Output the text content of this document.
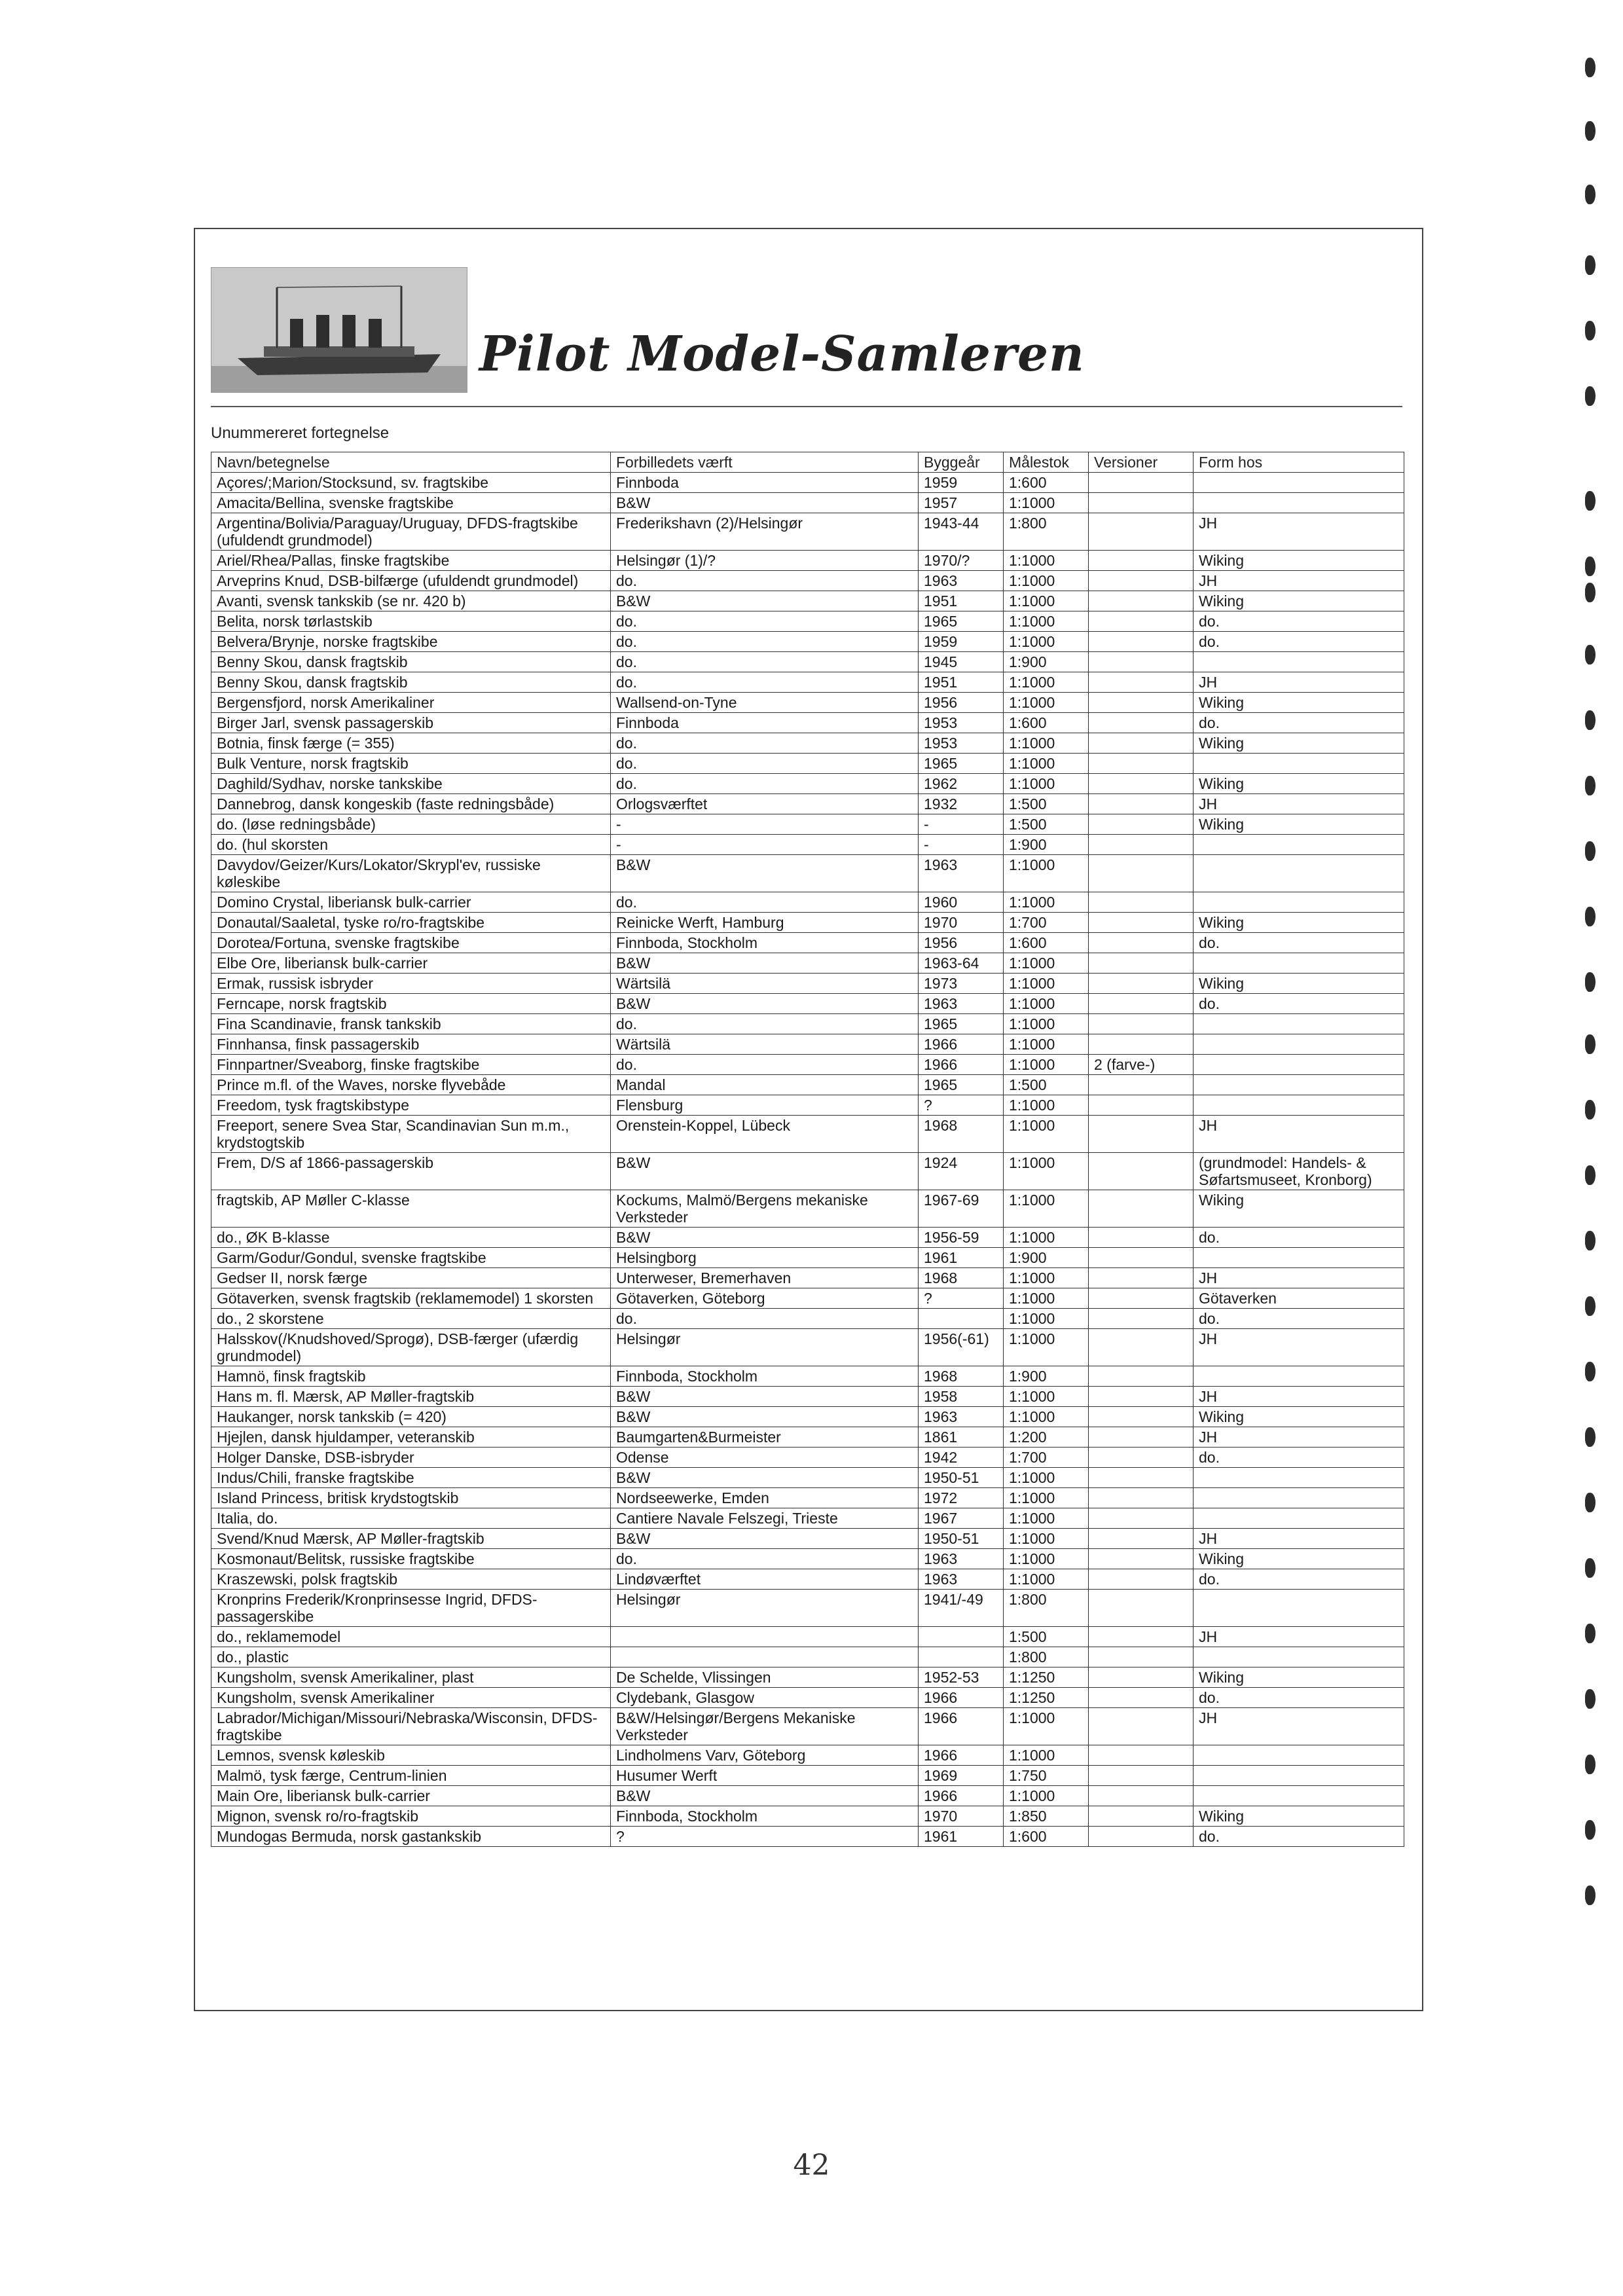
Pilot Model-Samleren
Unummereret fortegnelse
Navn/betegnelse	Forbilledets værft	Byggeår	Målestok	Versioner	Form hos
Açores/;Marion/Stocksund, sv. fragtskibe	Finnboda	1959	1:600		
Amacita/Bellina, svenske fragtskibe	B&W	1957	1:1000		
Argentina/Bolivia/Paraguay/Uruguay, DFDS-fragtskibe (ufuldendt grundmodel)	Frederikshavn (2)/Helsingør	1943-44	1:800		JH
Ariel/Rhea/Pallas, finske fragtskibe	Helsingør (1)/?	1970/?	1:1000		Wiking
Arveprins Knud, DSB-bilfærge (ufuldendt grundmodel)	do.	1963	1:1000		JH
Avanti, svensk tankskib (se nr. 420 b)	B&W	1951	1:1000		Wiking
Belita, norsk tørlastskib	do.	1965	1:1000		do.
Belvera/Brynje, norske fragtskibe	do.	1959	1:1000		do.
Benny Skou, dansk fragtskib	do.	1945	1:900		
Benny Skou, dansk fragtskib	do.	1951	1:1000		JH
Bergensfjord, norsk Amerikaliner	Wallsend-on-Tyne	1956	1:1000		Wiking
Birger Jarl, svensk passagerskib	Finnboda	1953	1:600		do.
Botnia, finsk færge (= 355)	do.	1953	1:1000		Wiking
Bulk Venture, norsk fragtskib	do.	1965	1:1000		
Daghild/Sydhav, norske tankskibe	do.	1962	1:1000		Wiking
Dannebrog, dansk kongeskib (faste redningsbåde)	Orlogsværftet	1932	1:500		JH
do. (løse redningsbåde)	-	-	1:500		Wiking
do. (hul skorsten	-	-	1:900		
Davydov/Geizer/Kurs/Lokator/Skrypl'ev, russiske køleskibe	B&W	1963	1:1000		
Domino Crystal, liberiansk bulk-carrier	do.	1960	1:1000		
Donautal/Saaletal, tyske ro/ro-fragtskibe	Reinicke Werft, Hamburg	1970	1:700		Wiking
Dorotea/Fortuna, svenske fragtskibe	Finnboda, Stockholm	1956	1:600		do.
Elbe Ore, liberiansk bulk-carrier	B&W	1963-64	1:1000		
Ermak, russisk isbryder	Wärtsilä	1973	1:1000		Wiking
Ferncape, norsk fragtskib	B&W	1963	1:1000		do.
Fina Scandinavie, fransk tankskib	do.	1965	1:1000		
Finnhansa, finsk passagerskib	Wärtsilä	1966	1:1000		
Finnpartner/Sveaborg, finske fragtskibe	do.	1966	1:1000	2 (farve-)	
Prince m.fl. of the Waves, norske flyvebåde	Mandal	1965	1:500		
Freedom, tysk fragtskibstype	Flensburg	?	1:1000		
Freeport, senere Svea Star, Scandinavian Sun m.m., krydstogtskib	Orenstein-Koppel, Lübeck	1968	1:1000		JH
Frem, D/S af 1866-passagerskib	B&W	1924	1:1000		(grundmodel: Handels- & Søfartsmuseet, Kronborg)
fragtskib, AP Møller C-klasse	Kockums, Malmö/Bergens mekaniske Verksteder	1967-69	1:1000		Wiking
do., ØK B-klasse	B&W	1956-59	1:1000		do.
Garm/Godur/Gondul, svenske fragtskibe	Helsingborg	1961	1:900		
Gedser II, norsk færge	Unterweser, Bremerhaven	1968	1:1000		JH
Götaverken, svensk fragtskib (reklamemodel) 1 skorsten	Götaverken, Göteborg	?	1:1000		Götaverken
do., 2 skorstene	do.		1:1000		do.
Halsskov(/Knudshoved/Sprogø), DSB-færger (ufærdig grundmodel)	Helsingør	1956(-61)	1:1000		JH
Hamnö, finsk fragtskib	Finnboda, Stockholm	1968	1:900		
Hans m. fl. Mærsk, AP Møller-fragtskib	B&W	1958	1:1000		JH
Haukanger, norsk tankskib (= 420)	B&W	1963	1:1000		Wiking
Hjejlen, dansk hjuldamper, veteranskib	Baumgarten&Burmeister	1861	1:200		JH
Holger Danske, DSB-isbryder	Odense	1942	1:700		do.
Indus/Chili, franske fragtskibe	B&W	1950-51	1:1000		
Island Princess, britisk krydstogtskib	Nordseewerke, Emden	1972	1:1000		
Italia, do.	Cantiere Navale Felszegi, Trieste	1967	1:1000		
Svend/Knud Mærsk, AP Møller-fragtskib	B&W	1950-51	1:1000		JH
Kosmonaut/Belitsk, russiske fragtskibe	do.	1963	1:1000		Wiking
Kraszewski, polsk fragtskib	Lindøværftet	1963	1:1000		do.
Kronprins Frederik/Kronprinsesse Ingrid, DFDS-passagerskibe	Helsingør	1941/-49	1:800		
do., reklamemodel			1:500		JH
do., plastic			1:800		
Kungsholm, svensk Amerikaliner, plast	De Schelde, Vlissingen	1952-53	1:1250		Wiking
Kungsholm, svensk Amerikaliner	Clydebank, Glasgow	1966	1:1250		do.
Labrador/Michigan/Missouri/Nebraska/Wisconsin, DFDS-fragtskibe	B&W/Helsingør/Bergens Mekaniske Verksteder	1966	1:1000		JH
Lemnos, svensk køleskib	Lindholmens Varv, Göteborg	1966	1:1000		
Malmö, tysk færge, Centrum-linien	Husumer Werft	1969	1:750		
Main Ore, liberiansk bulk-carrier	B&W	1966	1:1000		
Mignon, svensk ro/ro-fragtskib	Finnboda, Stockholm	1970	1:850		Wiking
Mundogas Bermuda, norsk gastankskib	?	1961	1:600		do.
42
